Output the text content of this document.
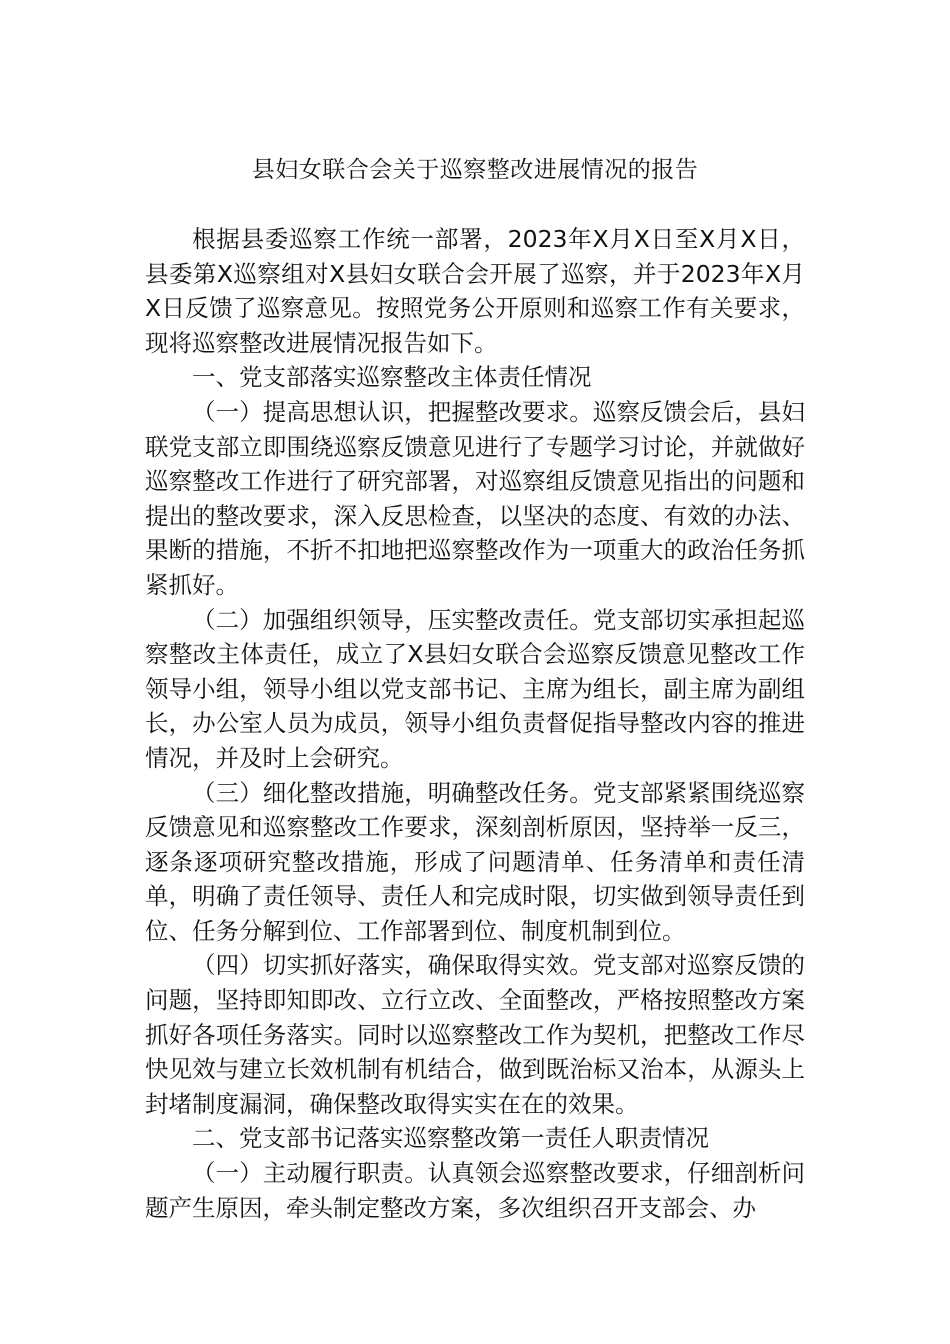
县妇女联合会关于巡察整改进展情况的报告

根据县委巡察工作统一部署，2023年X月X日至X月X日，县委第X巡察组对X县妇女联合会开展了巡察，并于2023年X月X日反馈了巡察意见。按照党务公开原则和巡察工作有关要求，现将巡察整改进展情况报告如下。

一、党支部落实巡察整改主体责任情况

（一）提高思想认识，把握整改要求。巡察反馈会后，县妇联党支部立即围绕巡察反馈意见进行了专题学习讨论，并就做好巡察整改工作进行了研究部署，对巡察组反馈意见指出的问题和提出的整改要求，深入反思检查，以坚决的态度、有效的办法、果断的措施，不折不扣地把巡察整改作为一项重大的政治任务抓紧抓好。

（二）加强组织领导，压实整改责任。党支部切实承担起巡察整改主体责任，成立了X县妇女联合会巡察反馈意见整改工作领导小组，领导小组以党支部书记、主席为组长，副主席为副组长，办公室人员为成员，领导小组负责督促指导整改内容的推进情况，并及时上会研究。

（三）细化整改措施，明确整改任务。党支部紧紧围绕巡察反馈意见和巡察整改工作要求，深刻剖析原因，坚持举一反三，逐条逐项研究整改措施，形成了问题清单、任务清单和责任清单，明确了责任领导、责任人和完成时限，切实做到领导责任到位、任务分解到位、工作部署到位、制度机制到位。

（四）切实抓好落实，确保取得实效。党支部对巡察反馈的问题，坚持即知即改、立行立改、全面整改，严格按照整改方案抓好各项任务落实。同时以巡察整改工作为契机，把整改工作尽快见效与建立长效机制有机结合，做到既治标又治本，从源头上封堵制度漏洞，确保整改取得实实在在的效果。

二、党支部书记落实巡察整改第一责任人职责情况

（一）主动履行职责。认真领会巡察整改要求，仔细剖析问题产生原因，牵头制定整改方案，多次组织召开支部会、办
